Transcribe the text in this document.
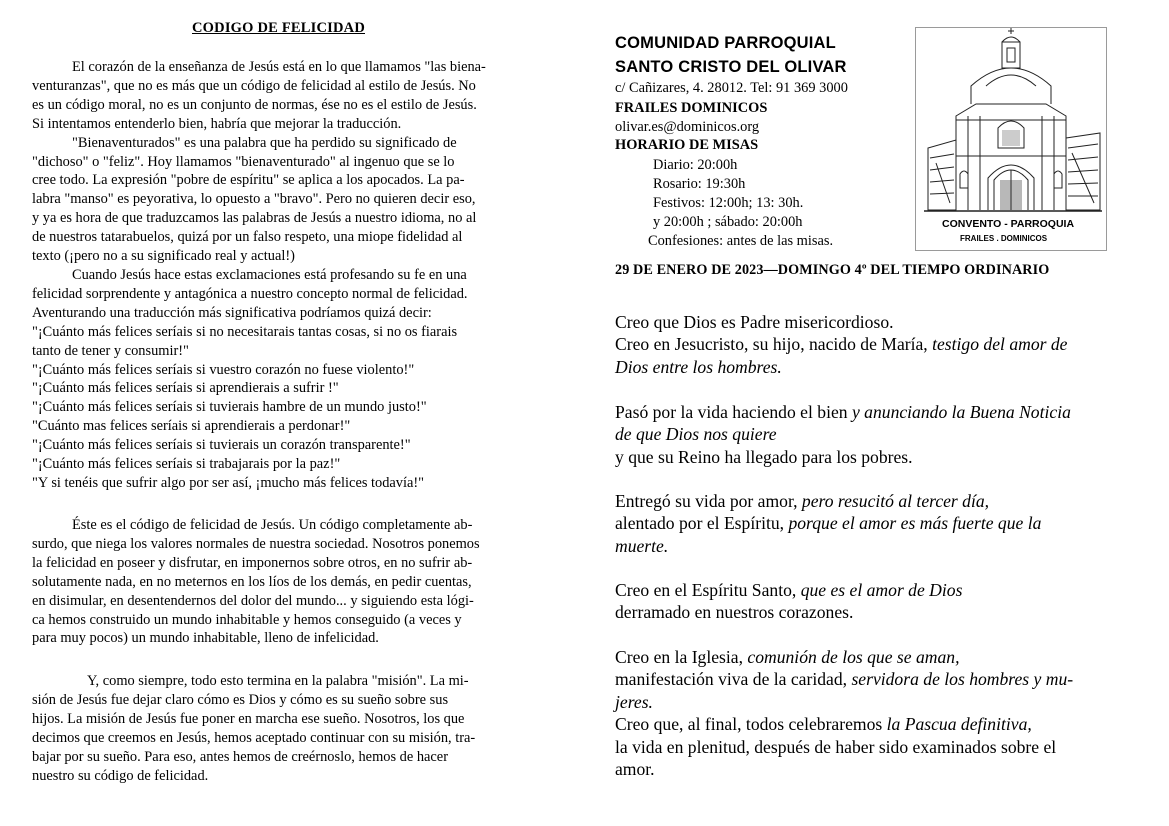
CODIGO DE FELICIDAD

El corazón de la enseñanza de Jesús está en lo que llamamos "las biena-

venturanzas", que no es más que un código de felicidad al estilo de Jesús. No

es un código moral, no es un conjunto de normas, ése no es el estilo de Jesús.

Si intentamos entenderlo bien, habría que mejorar la traducción.

"Bienaventurados" es una palabra que ha perdido su significado de

"dichoso" o "feliz". Hoy llamamos "bienaventurado" al ingenuo que se lo

cree todo. La expresión "pobre de espíritu" se aplica a los apocados. La pa-

labra "manso" es peyorativa, lo opuesto a "bravo". Pero no quieren decir eso,

y ya es hora de que traduzcamos las palabras de Jesús a nuestro idioma, no al

de nuestros tatarabuelos, quizá por un falso respeto, una miope fidelidad al

texto (¡pero no a su significado real y actual!)

Cuando Jesús hace estas exclamaciones está profesando su fe en una

felicidad sorprendente y antagónica a nuestro concepto normal de felicidad.

Aventurando una traducción más significativa podríamos quizá decir:

"¡Cuánto más felices seríais si no necesitarais tantas cosas, si no os fiarais

tanto de tener y consumir!"

"¡Cuánto más felices seríais si vuestro corazón no fuese violento!"

"¡Cuánto más felices seríais si aprendierais a sufrir !"

"¡Cuánto más felices seríais si tuvierais hambre de un mundo justo!"

"Cuánto mas felices seríais si aprendierais a perdonar!"

"¡Cuánto más felices seríais si tuvierais un corazón transparente!"

"¡Cuánto más felices seríais si trabajarais por la paz!"

"Y si tenéis que sufrir algo por ser así, ¡mucho más felices todavía!"

Éste es el código de felicidad de Jesús. Un código completamente ab-

surdo, que niega los valores normales de nuestra sociedad. Nosotros ponemos

la felicidad en poseer y disfrutar, en imponernos sobre otros, en no sufrir ab-

solutamente nada, en no meternos en los líos de los demás, en pedir cuentas,

en disimular, en desentendernos del dolor del mundo... y siguiendo esta lógi-

ca hemos construido un mundo inhabitable y hemos conseguido (a veces y

para muy pocos) un mundo inhabitable, lleno de infelicidad.

Y, como siempre, todo esto termina en la palabra "misión". La mi-

sión de Jesús fue dejar claro cómo es Dios y cómo es su sueño sobre sus

hijos. La misión de Jesús fue poner en marcha ese sueño. Nosotros, los que

decimos que creemos en Jesús, hemos aceptado continuar con su misión, tra-

bajar por su sueño. Para eso, antes hemos de creérnoslo, hemos de hacer

nuestro su código de felicidad.

COMUNIDAD PARROQUIAL
SANTO CRISTO DEL OLIVAR
c/ Cañizares, 4. 28012. Tel: 91 369 3000
FRAILES DOMINICOS
olivar.es@dominicos.org
HORARIO DE MISAS
Diario: 20:00h
Rosario: 19:30h
Festivos: 12:00h; 13: 30h.
y 20:00h ; sábado: 20:00h
Confesiones: antes de las misas.
CONVENTO - PARROQUIA
FRAILES . DOMINICOS
29 DE ENERO DE 2023—DOMINGO 4º DEL TIEMPO ORDINARIO

Creo que Dios es Padre misericordioso.

Creo en Jesucristo, su hijo, nacido de María, testigo del amor de

Dios entre los hombres.

Pasó por la vida haciendo el bien y anunciando la Buena Noticia

de que Dios nos quiere

y que su Reino ha llegado para los pobres.

Entregó su vida por amor, pero resucitó al tercer día,

alentado por el Espíritu, porque el amor es más fuerte que la

muerte.

Creo en el Espíritu Santo, que es el amor de Dios

derramado en nuestros corazones.

Creo en la Iglesia, comunión de los que se aman,

manifestación viva de la caridad, servidora de los hombres y mu-

jeres.

Creo que, al final, todos celebraremos la Pascua definitiva,

la vida en plenitud, después de haber sido examinados sobre el

amor.
